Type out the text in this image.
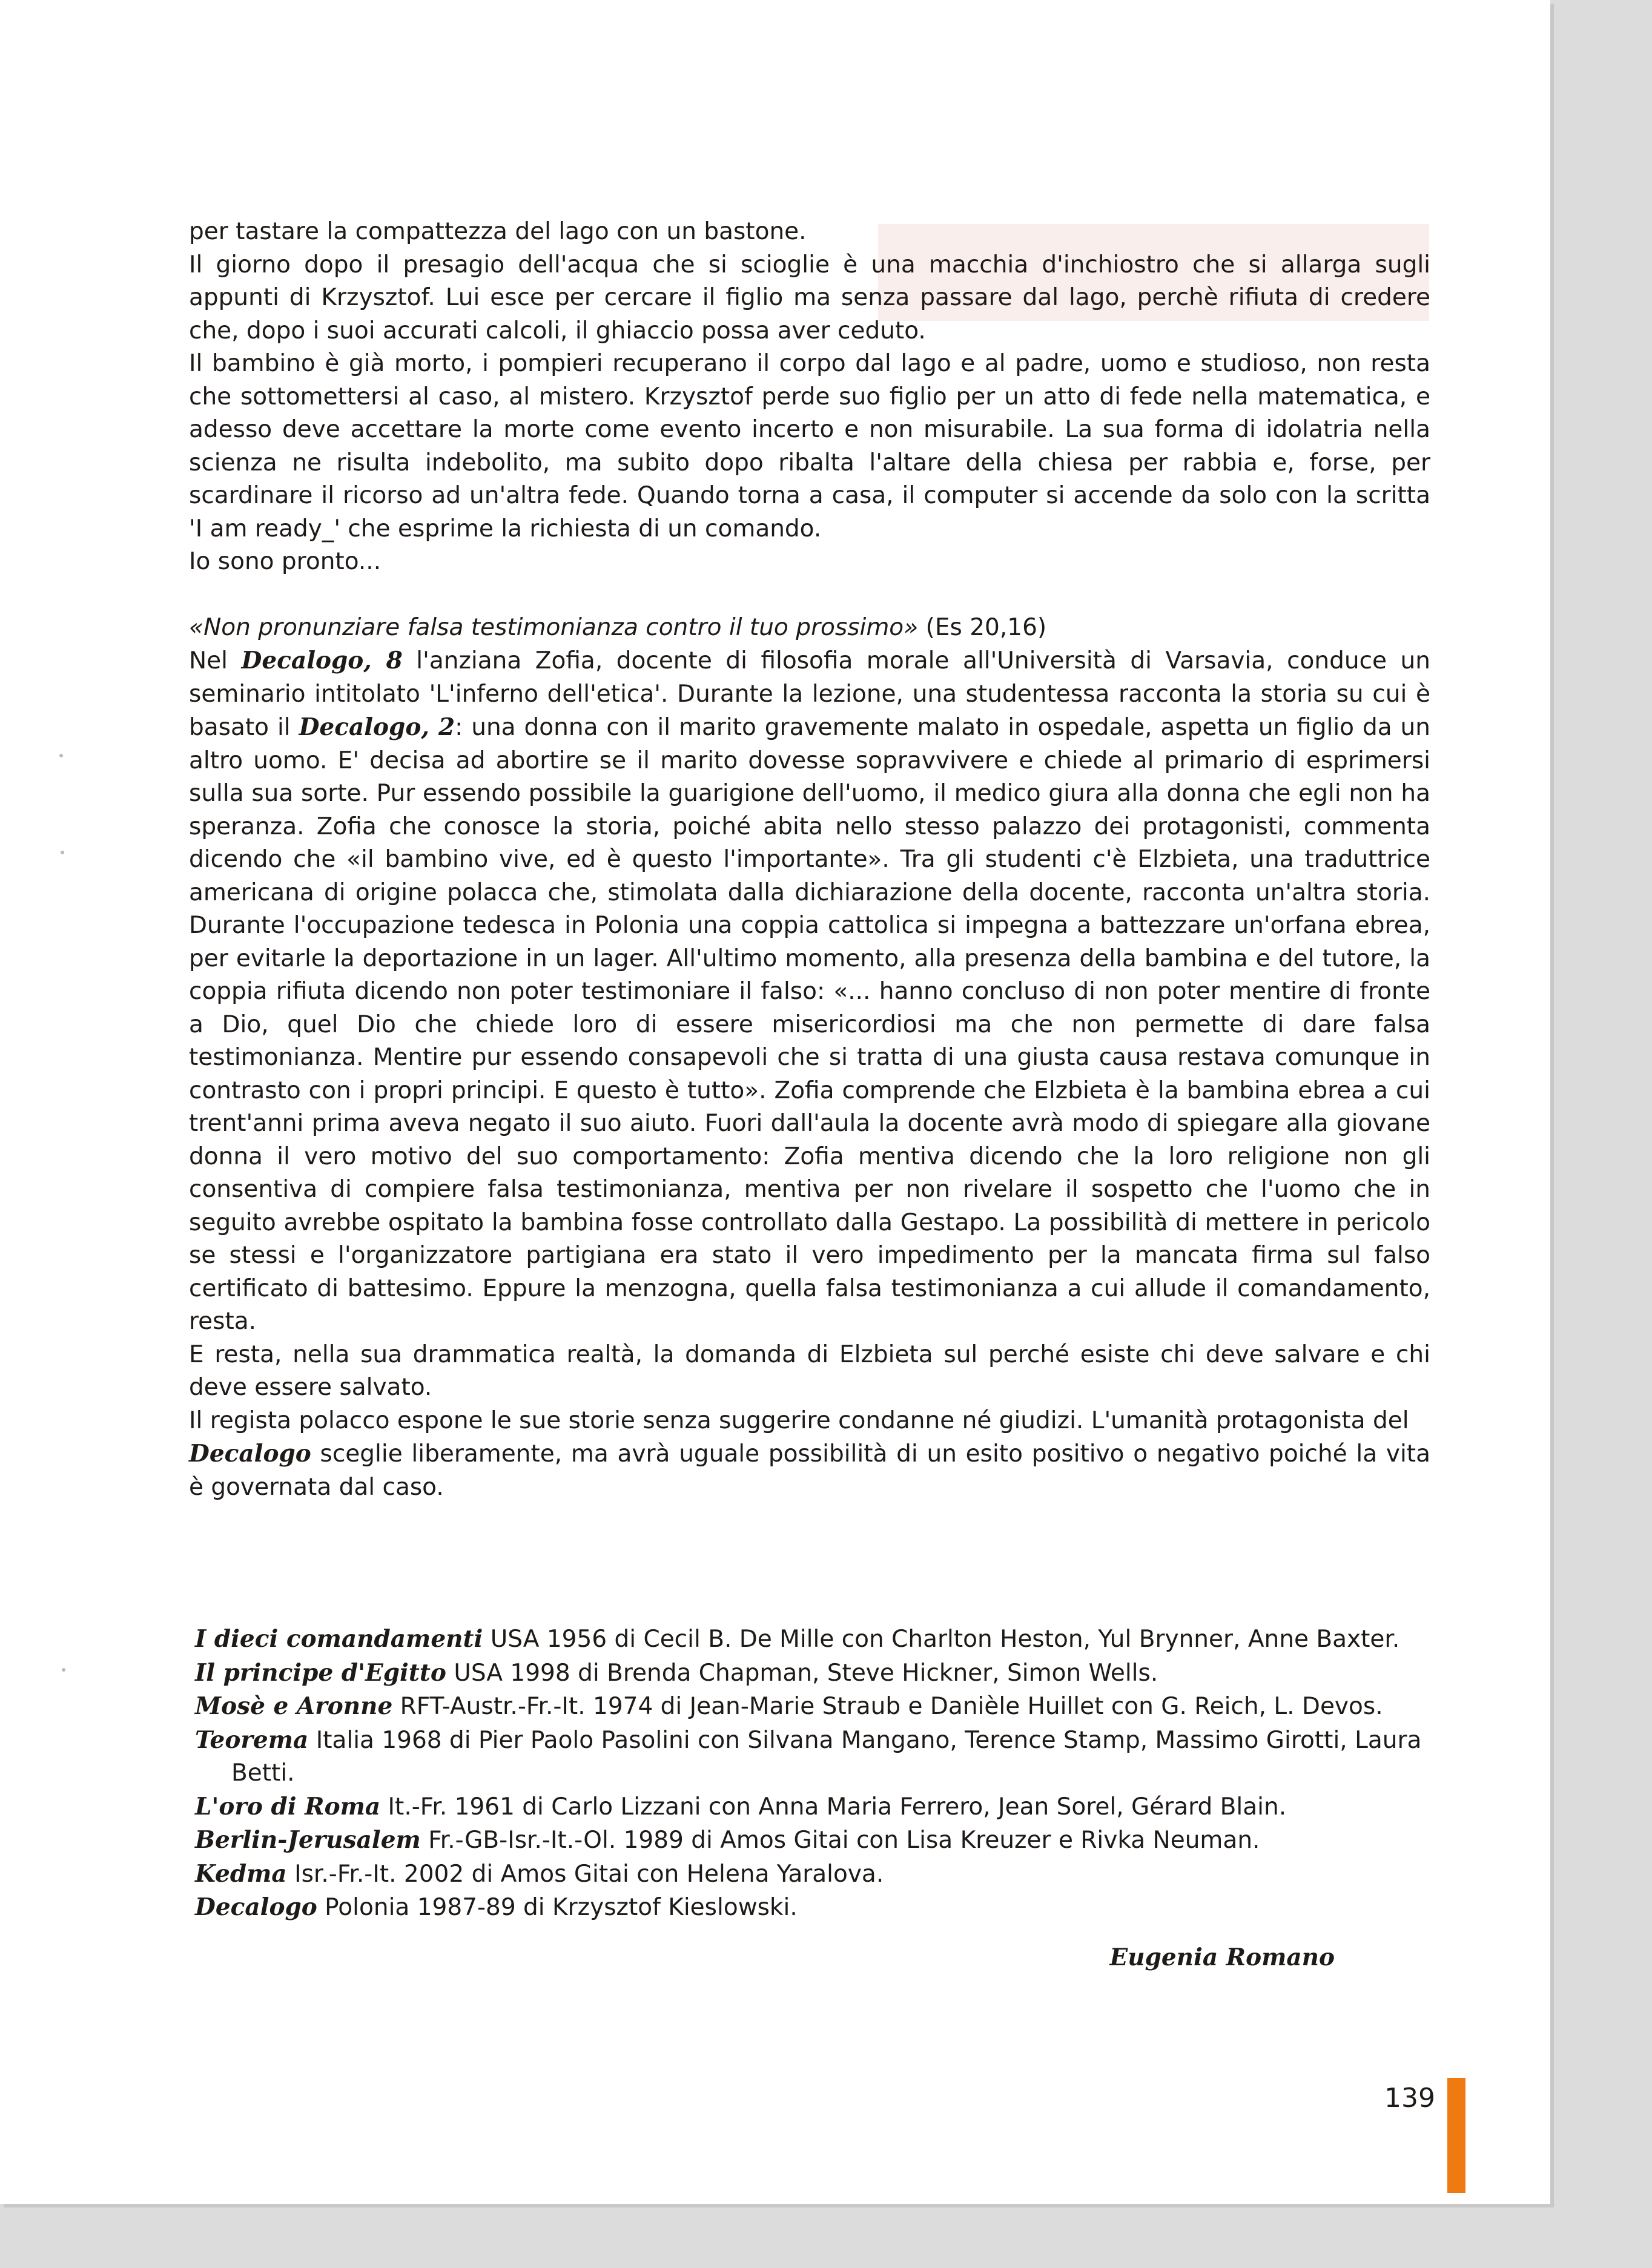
per tastare la compattezza del lago con un bastone.

Il giorno dopo il presagio dell'acqua che si scioglie è una macchia d'inchiostro che si allarga sugli appunti di Krzysztof. Lui esce per cercare il figlio ma senza passare dal lago, perchè rifiuta di credere che, dopo i suoi accurati calcoli, il ghiaccio possa aver ceduto.

Il bambino è già morto, i pompieri recuperano il corpo dal lago e al padre, uomo e studioso, non resta che sottomettersi al caso, al mistero. Krzysztof perde suo figlio per un atto di fede nella matematica, e adesso deve accettare la morte come evento incerto e non misurabile. La sua forma di idolatria nella scienza ne risulta indebolito, ma subito dopo ribalta l'altare della chiesa per rabbia e, forse, per scardinare il ricorso ad un'altra fede. Quando torna a casa, il computer si accende da solo con la scritta 'I am ready_' che esprime la richiesta di un comando.

Io sono pronto...

«Non pronunziare falsa testimonianza contro il tuo prossimo» (Es 20,16)

Nel Decalogo, 8 l'anziana Zofia, docente di filosofia morale all'Università di Varsavia, conduce un seminario intitolato 'L'inferno dell'etica'. Durante la lezione, una studentessa racconta la storia su cui è basato il Decalogo, 2: una donna con il marito gravemente malato in ospedale, aspetta un figlio da un altro uomo. E' decisa ad abortire se il marito dovesse sopravvivere e chiede al primario di esprimersi sulla sua sorte. Pur essendo possibile la guarigione dell'uomo, il medico giura alla donna che egli non ha speranza. Zofia che conosce la storia, poiché abita nello stesso palazzo dei protagonisti, commenta dicendo che «il bambino vive, ed è questo l'importante». Tra gli studenti c'è Elzbieta, una traduttrice americana di origine polacca che, stimolata dalla dichiarazione della docente, racconta un'altra storia. Durante l'occupazione tedesca in Polonia una coppia cattolica si impegna a battezzare un'orfana ebrea, per evitarle la deportazione in un lager. All'ultimo momento, alla presenza della bambina e del tutore, la coppia rifiuta dicendo non poter testimoniare il falso: «... hanno concluso di non poter mentire di fronte a Dio, quel Dio che chiede loro di essere misericordiosi ma che non permette di dare falsa testimonianza. Mentire pur essendo consapevoli che si tratta di una giusta causa restava comunque in contrasto con i propri principi. E questo è tutto». Zofia comprende che Elzbieta è la bambina ebrea a cui trent'anni prima aveva negato il suo aiuto. Fuori dall'aula la docente avrà modo di spiegare alla giovane donna il vero motivo del suo comportamento: Zofia mentiva dicendo che la loro religione non gli consentiva di compiere falsa testimonianza, mentiva per non rivelare il sospetto che l'uomo che in seguito avrebbe ospitato la bambina fosse controllato dalla Gestapo. La possibilità di mettere in pericolo se stessi e l'organizzatore partigiana era stato il vero impedimento per la mancata firma sul falso certificato di battesimo. Eppure la menzogna, quella falsa testimonianza a cui allude il comandamento, resta.

E resta, nella sua drammatica realtà, la domanda di Elzbieta sul perché esiste chi deve salvare e chi deve essere salvato.

Il regista polacco espone le sue storie senza suggerire condanne né giudizi. L'umanità protagonista del
Decalogo sceglie liberamente, ma avrà uguale possibilità di un esito positivo o negativo poiché la vita è governata dal caso.

I dieci comandamenti USA 1956 di Cecil B. De Mille con Charlton Heston, Yul Brynner, Anne Baxter.

Il principe d'Egitto USA 1998 di Brenda Chapman, Steve Hickner, Simon Wells.

Mosè e Aronne RFT-Austr.-Fr.-It. 1974 di Jean-Marie Straub e Danièle Huillet con G. Reich, L. Devos.

Teorema Italia 1968 di Pier Paolo Pasolini con Silvana Mangano, Terence Stamp, Massimo Girotti, Laura Betti.

L'oro di Roma It.-Fr. 1961 di Carlo Lizzani con Anna Maria Ferrero, Jean Sorel, Gérard Blain.

Berlin-Jerusalem Fr.-GB-Isr.-It.-Ol. 1989 di Amos Gitai con Lisa Kreuzer e Rivka Neuman.

Kedma Isr.-Fr.-It. 2002 di Amos Gitai con Helena Yaralova.

Decalogo Polonia 1987-89 di Krzysztof Kieslowski.

Eugenia Romano
139
